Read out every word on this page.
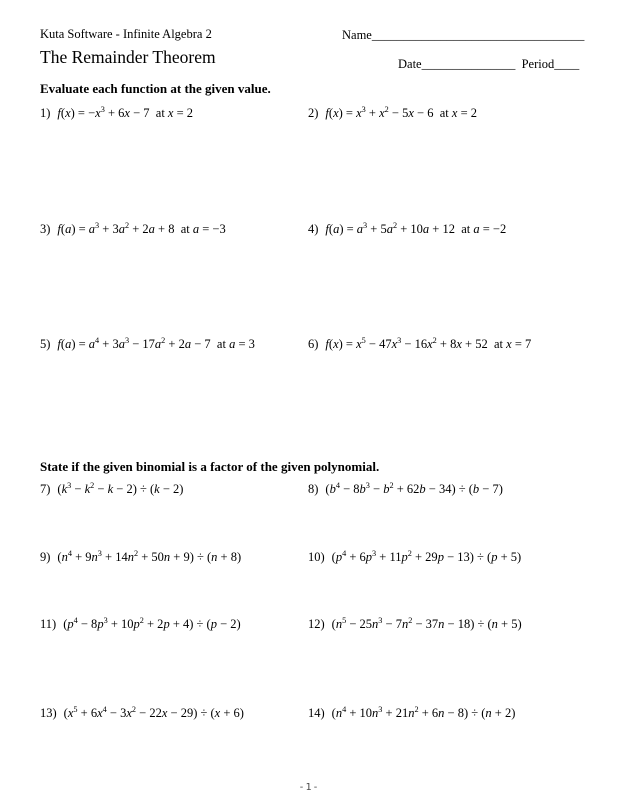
Kuta Software - Infinite Algebra 2	Name__________________________________
The Remainder Theorem	Date_______________ Period____
Evaluate each function at the given value.
1) $f(x) = -x^3 + 6x - 7$  at x = 2	2) $f(x) = x^3 + x^2 - 5x - 6$  at x = 2
3) $f(a) = a^3 + 3a^2 + 2a + 8$  at a = −3	4) $f(a) = a^3 + 5a^2 + 10a + 12$  at a = −2
5) $f(a) = a^4 + 3a^3 - 17a^2 + 2a - 7$  at a = 3	6) $f(x) = x^5 - 47x^3 - 16x^2 + 8x + 52$  at x = 7
State if the given binomial is a factor of the given polynomial.
7) $(k^3 - k^2 - k - 2) \div (k - 2)$	8) $(b^4 - 8b^3 - b^2 + 62b - 34) \div (b - 7)$
9) $(n^4 + 9n^3 + 14n^2 + 50n + 9) \div (n + 8)$	10) $(p^4 + 6p^3 + 11p^2 + 29p - 13) \div (p + 5)$
11) $(p^4 - 8p^3 + 10p^2 + 2p + 4) \div (p - 2)$	12) $(n^5 - 25n^3 - 7n^2 - 37n - 18) \div (n + 5)$
13) $(x^5 + 6x^4 - 3x^2 - 22x - 29) \div (x + 6)$	14) $(n^4 + 10n^3 + 21n^2 + 6n - 8) \div (n + 2)$
-1-
